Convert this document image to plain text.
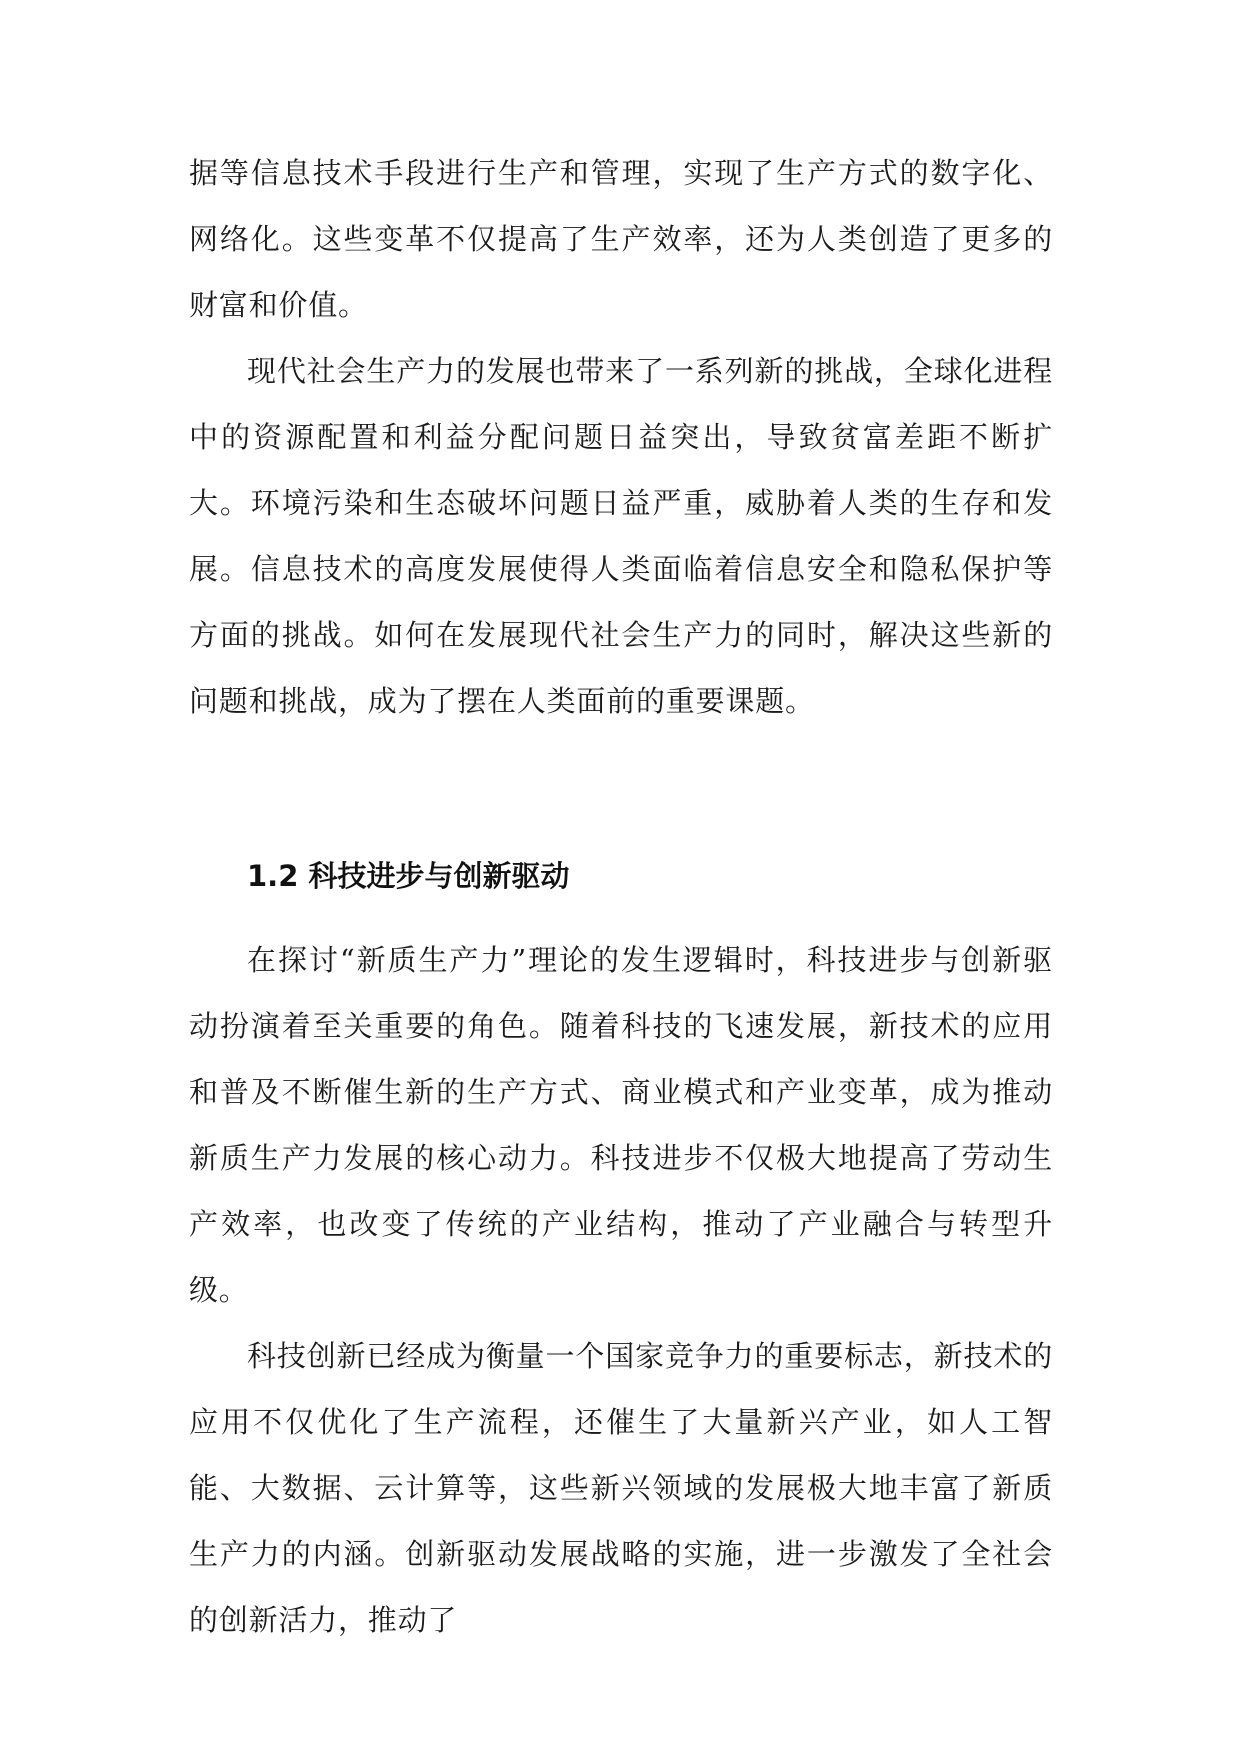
据等信息技术手段进行生产和管理，实现了生产方式的数字化、网络化。这些变革不仅提高了生产效率，还为人类创造了更多的财富和价值。

现代社会生产力的发展也带来了一系列新的挑战，全球化进程中的资源配置和利益分配问题日益突出，导致贫富差距不断扩大。环境污染和生态破坏问题日益严重，威胁着人类的生存和发展。信息技术的高度发展使得人类面临着信息安全和隐私保护等方面的挑战。如何在发展现代社会生产力的同时，解决这些新的问题和挑战，成为了摆在人类面前的重要课题。

1.2 科技进步与创新驱动

在探讨“新质生产力”理论的发生逻辑时，科技进步与创新驱动扮演着至关重要的角色。随着科技的飞速发展，新技术的应用和普及不断催生新的生产方式、商业模式和产业变革，成为推动新质生产力发展的核心动力。科技进步不仅极大地提高了劳动生产效率，也改变了传统的产业结构，推动了产业融合与转型升级。

科技创新已经成为衡量一个国家竞争力的重要标志，新技术的应用不仅优化了生产流程，还催生了大量新兴产业，如人工智能、大数据、云计算等，这些新兴领域的发展极大地丰富了新质生产力的内涵。创新驱动发展战略的实施，进一步激发了全社会的创新活力，推动了
